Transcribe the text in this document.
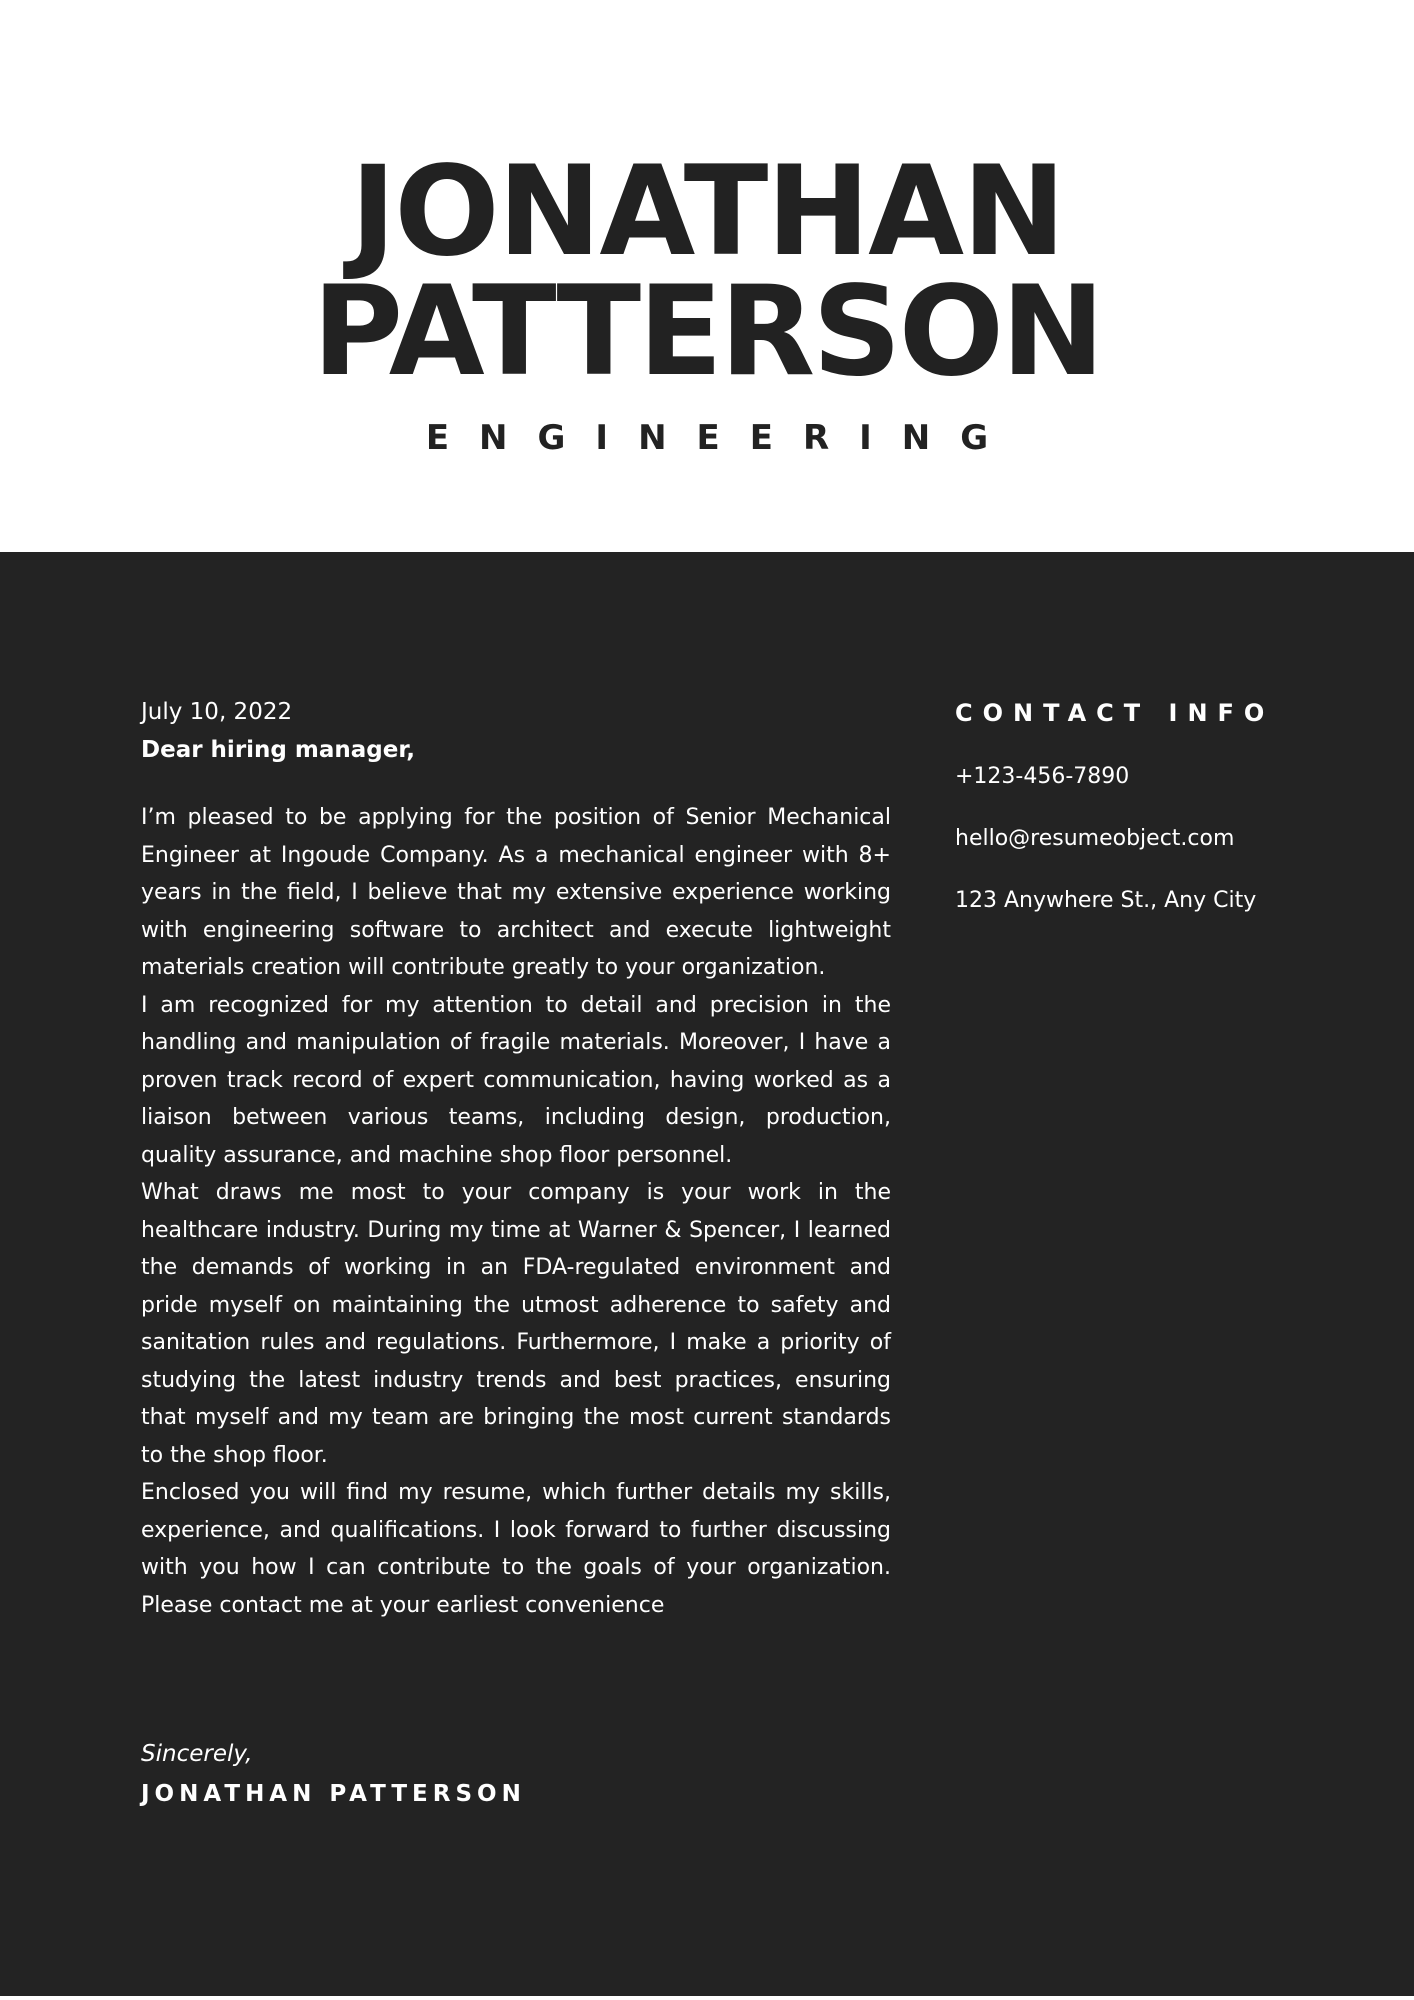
JONATHAN
PATTERSON
ENGINEERING

July 10, 2022

Dear hiring manager,

I’m pleased to be applying for the position of Senior Mechanical Engineer at Ingoude Company. As a mechanical engineer with 8+ years in the field, I believe that my extensive experience working with engineering software to architect and execute lightweight materials creation will contribute greatly to your organization.

I am recognized for my attention to detail and precision in the handling and manipulation of fragile materials. Moreover, I have a proven track record of expert communication, having worked as a liaison between various teams, including design, production, quality assurance, and machine shop floor personnel.

What draws me most to your company is your work in the healthcare industry. During my time at Warner & Spencer, I learned the demands of working in an FDA-regulated environment and pride myself on maintaining the utmost adherence to safety and sanitation rules and regulations. Furthermore, I make a priority of studying the latest industry trends and best practices, ensuring that myself and my team are bringing the most current standards to the shop floor.

Enclosed you will find my resume, which further details my skills, experience, and qualifications. I look forward to further discussing with you how I can contribute to the goals of your organization. Please contact me at your earliest convenience

Sincerely,

JONATHAN PATTERSON

CONTACT INFO

+123-456-7890

hello@resumeobject.com

123 Anywhere St., Any City
